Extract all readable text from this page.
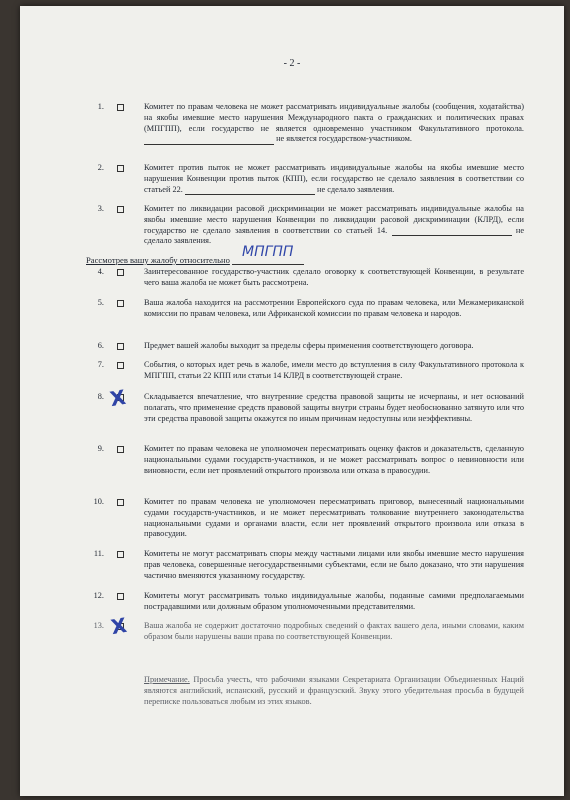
- 2 -
1.	Комитет по правам человека не может рассматривать индивидуальные жалобы (сообщения, ходатайства) на якобы имевшие место нарушения Международного пакта о гражданских и политических правах (МПГПП), если государство не является одновременно участником Факультативного протокола.  не является государством-участником.
2.	Комитет против пыток не может рассматривать индивидуальные жалобы на якобы имевшие место нарушения Конвенции против пыток (КПП), если государство не сделало заявления в соответствии со статьей 22.	не сделало заявления.
3.	Комитет по ликвидации расовой дискриминации не может рассматривать индивидуальные жалобы на якобы имевшие место нарушения Конвенции по ликвидации расовой дискриминации (КЛРД), если государство не сделало заявления в соответствии со статьей 14.	не сделало заявления.
Рассмотрев вашу жалобу относительно МПГПП
4.	Заинтересованное государство-участник сделало оговорку к соответствующей Конвенции, в результате чего ваша жалоба не может быть рассмотрена.
5.	Ваша жалоба находится на рассмотрении Европейского суда по правам человека, или Межамериканской комиссии по правам человека, или Африканской комиссии по правам человека и народов.
6.	Предмет вашей жалобы выходит за пределы сферы применения соответствующего договора.
7.	События, о которых идет речь в жалобе, имели место до вступления в силу Факультативного протокола к МПГПП, статьи 22 КПП или статьи 14 КЛРД в соответствующей стране.
8.	Складывается впечатление, что внутренние средства правовой защиты не исчерпаны, и нет оснований полагать, что применение средств правовой защиты внутри страны будет необоснованно затянуто или что эти средства правовой защиты окажутся по иным причинам недоступны или неэффективны.
9.	Комитет по правам человека не уполномочен пересматривать оценку фактов и доказательств, сделанную национальными судами государств-участников, и не может рассматривать вопрос о невиновности или виновности, если нет проявлений открытого произвола или отказа в правосудии.
10.	Комитет по правам человека не уполномочен пересматривать приговор, вынесенный национальными судами государств-участников, и не может пересматривать толкование внутреннего законодательства национальными судами и органами власти, если нет проявлений открытого произвола или отказа в правосудии.
11.	Комитеты не могут рассматривать споры между частными лицами или якобы имевшие место нарушения прав человека, совершенные негосударственными субъектами, если не было доказано, что эти нарушения частично вменяются указанному государству.
12.	Комитеты могут рассматривать только индивидуальные жалобы, поданные самими предполагаемыми пострадавшими или должным образом уполномоченными представителями.
13.	Ваша жалоба не содержит достаточно подробных сведений о фактах вашего дела, иными словами, каким образом были нарушены ваши права по соответствующей Конвенции.
X
X
Примечание. Просьба учесть, что рабочими языками Секретариата Организации Объединенных Наций являются английский, испанский, русский и французский. Звуку этого убедительная просьба в будущей переписке пользоваться любым из этих языков.
